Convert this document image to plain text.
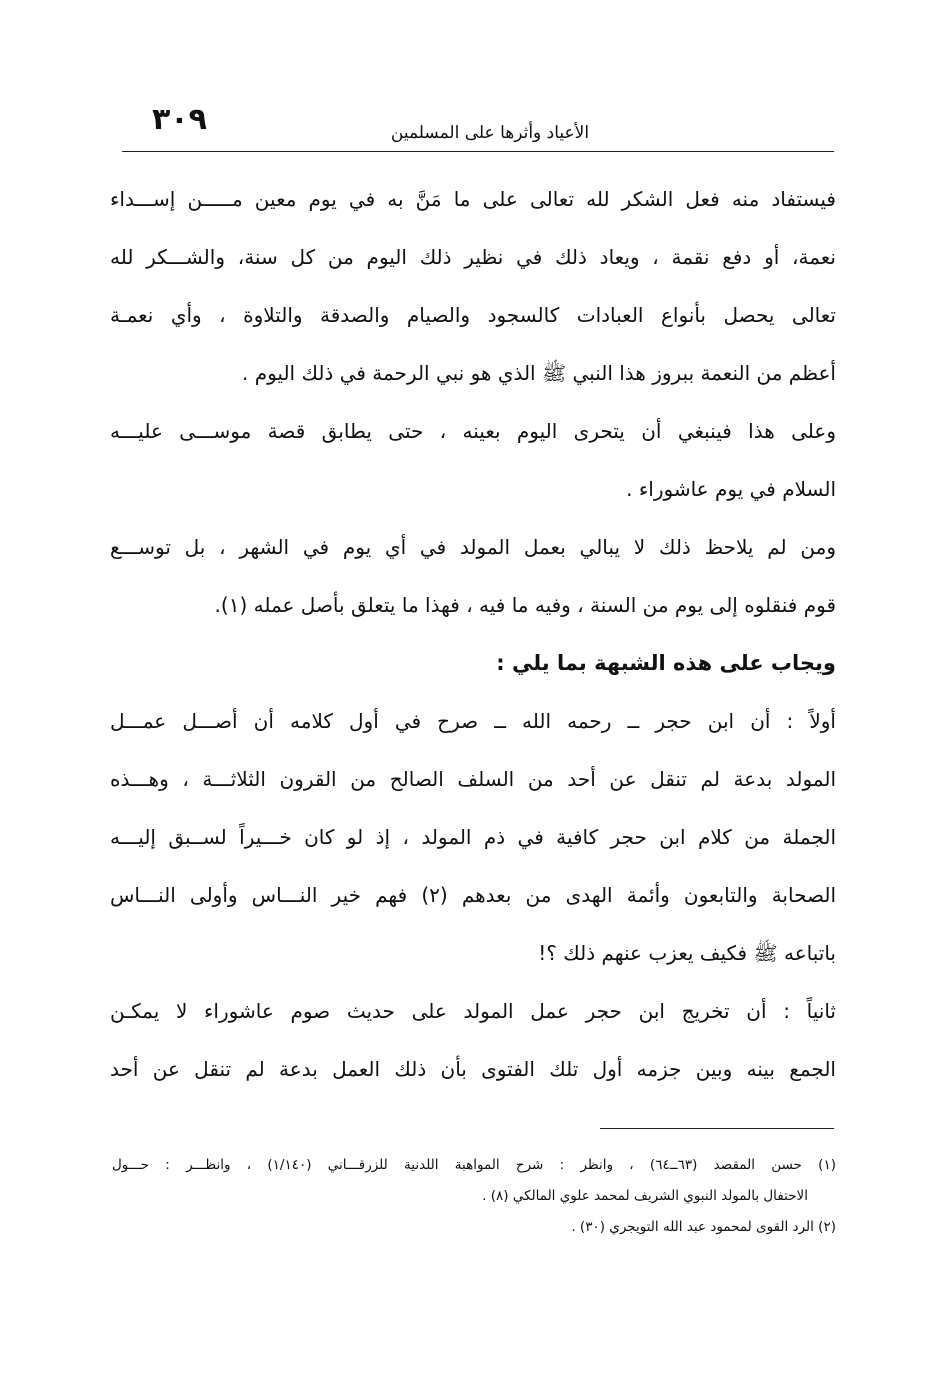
٣٠٩	الأعياد وأثرها على المسلمين
فيستفاد منه فعل الشكر لله تعالى على ما مَنَّ به في يوم معين مـــــن إســـداء
نعمة، أو دفع نقمة ، ويعاد ذلك في نظير ذلك اليوم من كل سنة، والشـــكر لله
تعالى يحصل بأنواع العبادات كالسجود والصيام والصدقة والتلاوة ، وأي نعمـة
أعظم من النعمة ببروز هذا النبي ﷺ الذي هو نبي الرحمة في ذلك اليوم .
وعلى هذا فينبغي أن يتحرى اليوم بعينه ، حتى يطابق قصة موســـى عليـــه
السلام في يوم عاشوراء .
ومن لم يلاحظ ذلك لا يبالي بعمل المولد في أي يوم في الشهر ، بل توســـع
قوم فنقلوه إلى يوم من السنة ، وفيه ما فيه ، فهذا ما يتعلق بأصل عمله (١).
ويجاب على هذه الشبهة بما يلي :
أولاً : أن ابن حجر ــ رحمه الله ــ صرح في أول كلامه أن أصـــل عمـــل
المولد بدعة لم تنقل عن أحد من السلف الصالح من القرون الثلاثـــة ، وهـــذه
الجملة من كلام ابن حجر كافية في ذم المولد ، إذ لو كان خـــيراً لســبق إليـــه
الصحابة والتابعون وأئمة الهدى من بعدهم (٢) فهم خير النـــاس وأولى النـــاس
باتباعه ﷺ فكيف يعزب عنهم ذلك ؟!
ثانياً : أن تخريج ابن حجر عمل المولد على حديث صوم عاشوراء لا يمكـن
الجمع بينه وبين جزمه أول تلك الفتوى بأن ذلك العمل بدعة لم تنقل عن أحد
(١) حسن المقصد (٦٣ــ٦٤) ، وانظر : شرح المواهبة اللدنية للزرقـــاني (١/١٤٠) ، وانظـــر : حـــول
الاحتفال بالمولد النبوي الشريف لمحمد علوي المالكي (٨) .
(٢) الرد القوى لمحمود عبد الله التويجري (٣٠) .
